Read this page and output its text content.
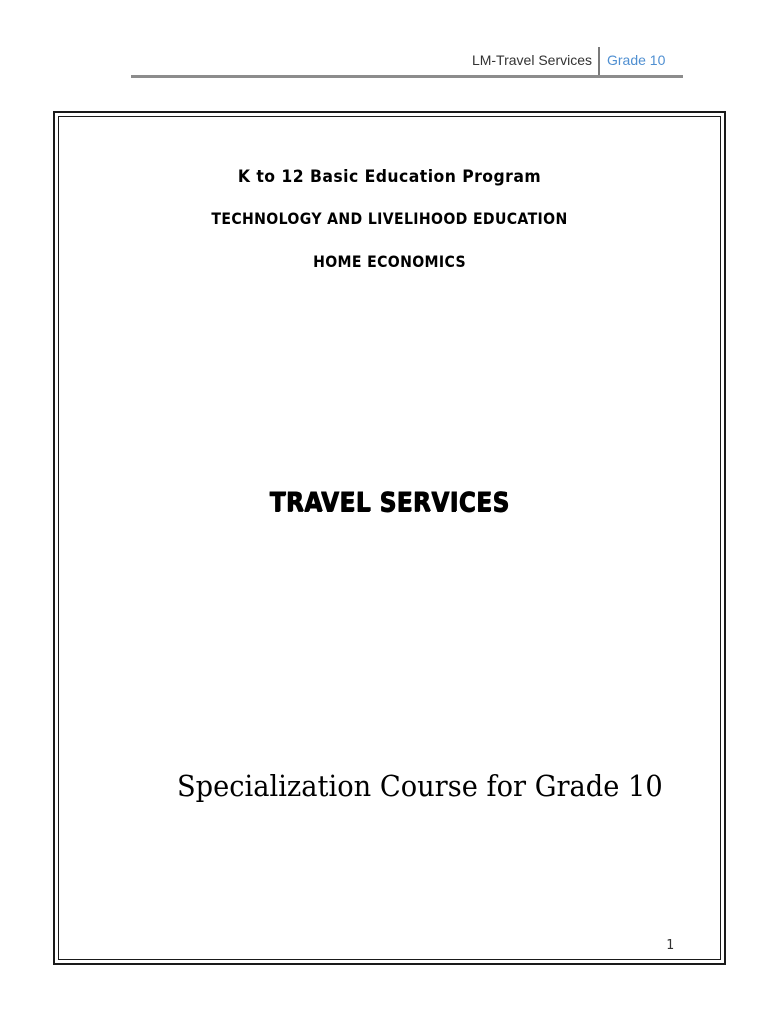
LM-Travel Services Grade 10
K to 12 Basic Education Program
TECHNOLOGY AND LIVELIHOOD EDUCATION
HOME ECONOMICS
TRAVEL SERVICES
Specialization Course for Grade 10
1
